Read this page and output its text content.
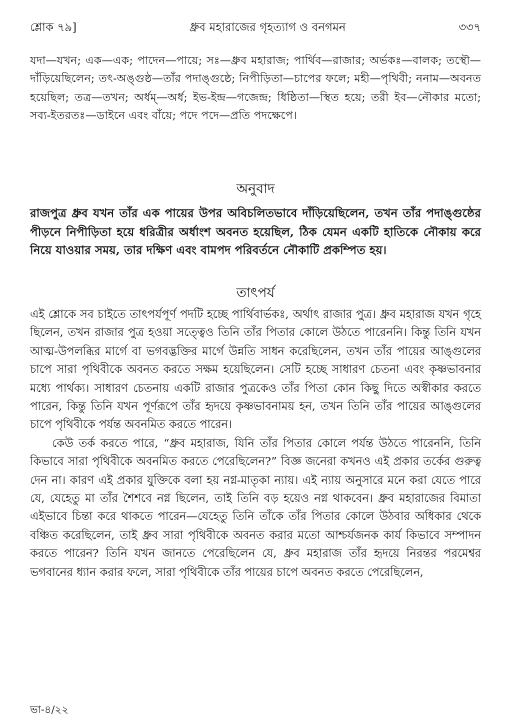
শ্লোক ৭৯]	ধ্রুব মহারাজের গৃহত্যাগ ও বনগমন	৩৩৭

যদা—যখন; এক—এক; পাদেন—পায়ে; সঃ—ধ্রুব মহারাজ; পার্থিব—রাজার; অর্ভকঃ—বালক; তস্থৌ—দাঁড়িয়েছিলেন; তৎ-অঙ্গুষ্ঠ—তাঁর পদাঙ্গুষ্ঠে; নিপীড়িতা—চাপের ফলে; মহী—পৃথিবী; ননাম—অবনত হয়েছিল; তত্র—তখন; অর্ধম্—অর্ধ; ইভ-ইন্দ্র—গজেন্দ্র; ধিষ্ঠিতা—স্থিত হয়ে; তরী ইব—নৌকার মতো; সব্য-ইতরতঃ—ডাইনে এবং বাঁয়ে; পদে পদে—প্রতি পদক্ষেপে।

অনুবাদ

রাজপুত্র ধ্রুব যখন তাঁর এক পায়ের উপর অবিচলিতভাবে দাঁড়িয়েছিলেন, তখন তাঁর পদাঙ্গুষ্ঠের পীড়নে নিপীড়িতা হয়ে ধরিত্রীর অর্ধাংশ অবনত হয়েছিল, ঠিক যেমন একটি হাতিকে নৌকায় করে নিয়ে যাওয়ার সময়, তার দক্ষিণ এবং বামপদ পরিবর্তনে নৌকাটি প্রকম্পিত হয়।

তাৎপর্য

এই শ্লোকে সব চাইতে তাৎপর্যপূর্ণ পদটি হচ্ছে পার্থিবার্ভকঃ, অর্থাৎ রাজার পুত্র। ধ্রুব মহারাজ যখন গৃহে ছিলেন, তখন রাজার পুত্র হওয়া সত্ত্বেও তিনি তাঁর পিতার কোলে উঠতে পারেননি। কিন্তু তিনি যখন আত্ম-উপলব্ধির মার্গে বা ভগবদ্ভক্তির মার্গে উন্নতি সাধন করেছিলেন, তখন তাঁর পায়ের আঙ্গুলের চাপে সারা পৃথিবীকে অবনত করতে সক্ষম হয়েছিলেন। সেটি হচ্ছে সাধারণ চেতনা এবং কৃষ্ণভাবনার মধ্যে পার্থক্য। সাধারণ চেতনায় একটি রাজার পুত্রকেও তাঁর পিতা কোন কিছু দিতে অস্বীকার করতে পারেন, কিন্তু তিনি যখন পূর্ণরূপে তাঁর হৃদয়ে কৃষ্ণভাবনাময় হন, তখন তিনি তাঁর পায়ের আঙ্গুলের চাপে পৃথিবীকে পর্যন্ত অবনমিত করতে পারেন।

কেউ তর্ক করতে পারে, “ধ্রুব মহারাজ, যিনি তাঁর পিতার কোলে পর্যন্ত উঠতে পারেননি, তিনি কিভাবে সারা পৃথিবীকে অবনমিত করতে পেরেছিলেন?” বিজ্ঞ জনেরা কখনও এই প্রকার তর্কের গুরুত্ব দেন না। কারণ এই প্রকার যুক্তিকে বলা হয় নগ্ন-মাতৃকা ন্যায়। এই ন্যায় অনুসারে মনে করা যেতে পারে যে, যেহেতু মা তাঁর শৈশবে নগ্ন ছিলেন, তাই তিনি বড় হয়েও নগ্ন থাকবেন। ধ্রুব মহারাজের বিমাতা এইভাবে চিন্তা করে থাকতে পারেন—যেহেতু তিনি তাঁকে তাঁর পিতার কোলে উঠবার অধিকার থেকে বঞ্চিত করেছিলেন, তাই ধ্রুব সারা পৃথিবীকে অবনত করার মতো আশ্চর্যজনক কার্য কিভাবে সম্পাদন করতে পারেন? তিনি যখন জানতে পেরেছিলেন যে, ধ্রুব মহারাজ তাঁর হৃদয়ে নিরন্তর পরমেশ্বর ভগবানের ধ্যান করার ফলে, সারা পৃথিবীকে তাঁর পায়ের চাপে অবনত করতে পেরেছিলেন,

ভা-৪/২২
